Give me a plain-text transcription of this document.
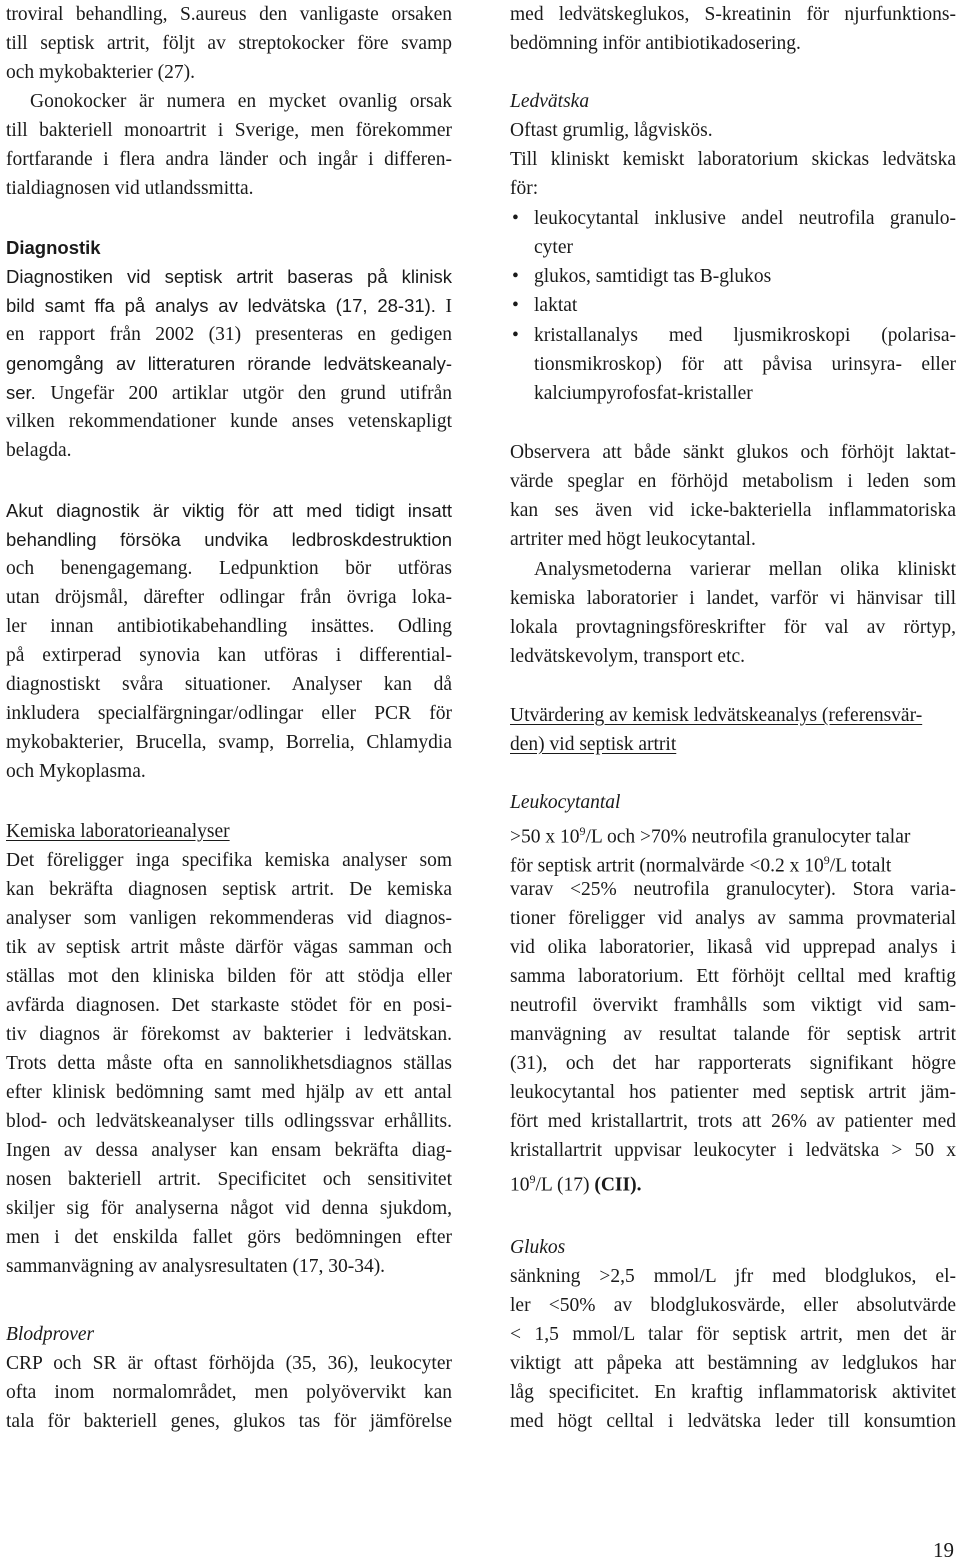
troviral behandling, S.aureus den vanligaste orsaken
till septisk artrit, följt av streptokocker före svamp
och mykobakterier (27).
Gonokocker är numera en mycket ovanlig orsak
till bakteriell monoartrit i Sverige, men förekommer
fortfarande i flera andra länder och ingår i differen-
tialdiagnosen vid utlandssmitta.
Diagnostik
Diagnostiken vid septisk artrit baseras på klinisk
bild samt ffa på analys av ledvätska (17, 28-31). I
en rapport från 2002 (31) presenteras en gedigen
genomgång av litteraturen rörande ledvätskeanaly-
ser. Ungefär 200 artiklar utgör den grund utifrån
vilken rekommendationer kunde anses vetenskapligt
belagda.
Akut diagnostik är viktig för att med tidigt insatt
behandling försöka undvika ledbroskdestruktion
och benengagemang. Ledpunktion bör utföras
utan dröjsmål, därefter odlingar från övriga loka-
ler innan antibiotikabehandling insättes. Odling
på extirperad synovia kan utföras i differential-
diagnostiskt svåra situationer. Analyser kan då
inkludera specialfärgningar/odlingar eller PCR för
mykobakterier, Brucella, svamp, Borrelia, Chlamydia
och Mykoplasma.
Kemiska laboratorieanalyser
Det föreligger inga specifika kemiska analyser som
kan bekräfta diagnosen septisk artrit. De kemiska
analyser som vanligen rekommenderas vid diagnos-
tik av septisk artrit måste därför vägas samman och
ställas mot den kliniska bilden för att stödja eller
avfärda diagnosen. Det starkaste stödet för en posi-
tiv diagnos är förekomst av bakterier i ledvätskan.
Trots detta måste ofta en sannolikhetsdiagnos ställas
efter klinisk bedömning samt med hjälp av ett antal
blod- och ledvätskeanalyser tills odlingssvar erhållits.
Ingen av dessa analyser kan ensam bekräfta diag-
nosen bakteriell artrit. Specificitet och sensitivitet
skiljer sig för analyserna något vid denna sjukdom,
men i det enskilda fallet görs bedömningen efter
sammanvägning av analysresultaten (17, 30-34).
Blodprover
CRP och SR är oftast förhöjda (35, 36), leukocyter
ofta inom normalområdet, men polyövervikt kan
tala för bakteriell genes, glukos tas för jämförelse
med ledvätskeglukos, S-kreatinin för njurfunktions-
bedömning inför antibiotikadosering.
Ledvätska
Oftast grumlig, lågviskös.
Till kliniskt kemiskt laboratorium skickas ledvätska
för:
• leukocytantal inklusive andel neutrofila granulo-
cyter
• glukos, samtidigt tas B-glukos
• laktat
• kristallanalys med ljusmikroskopi (polarisa-
tionsmikroskop) för att påvisa urinsyra- eller
kalciumpyrofosfat-kristaller
Observera att både sänkt glukos och förhöjt laktat-
värde speglar en förhöjd metabolism i leden som
kan ses även vid icke-bakteriella inflammatoriska
artriter med högt leukocytantal.
Analysmetoderna varierar mellan olika kliniskt
kemiska laboratorier i landet, varför vi hänvisar till
lokala provtagningsföreskrifter för val av rörtyp,
ledvätskevolym, transport etc.
Utvärdering av kemisk ledvätskeanalys (referensvär-
den) vid septisk artrit
Leukocytantal
>50 x $10^9/L$ och >70% neutrofila granulocyter talar
för septisk artrit (normalvärde <0.2 x $10^9/L$ totalt
varav <25% neutrofila granulocyter). Stora varia-
tioner föreligger vid analys av samma provmaterial
vid olika laboratorier, likaså vid upprepad analys i
samma laboratorium. Ett förhöjt celltal med kraftig
neutrofil övervikt framhålls som viktigt vid sam-
manvägning av resultat talande för septisk artrit
(31), och det har rapporterats signifikant högre
leukocytantal hos patienter med septisk artrit jäm-
fört med kristallartrit, trots att 26% av patienter med
kristallartrit uppvisar leukocyter i ledvätska > 50 x
$10^9/L$ (17) (CII).
Glukos
sänkning >2,5 mmol/L jfr med blodglukos, el-
ler <50% av blodglukosvärde, eller absolutvärde
< 1,5 mmol/L talar för septisk artrit, men det är
viktigt att påpeka att bestämning av ledglukos har
låg specificitet. En kraftig inflammatorisk aktivitet
med högt celltal i ledvätska leder till konsumtion
19
